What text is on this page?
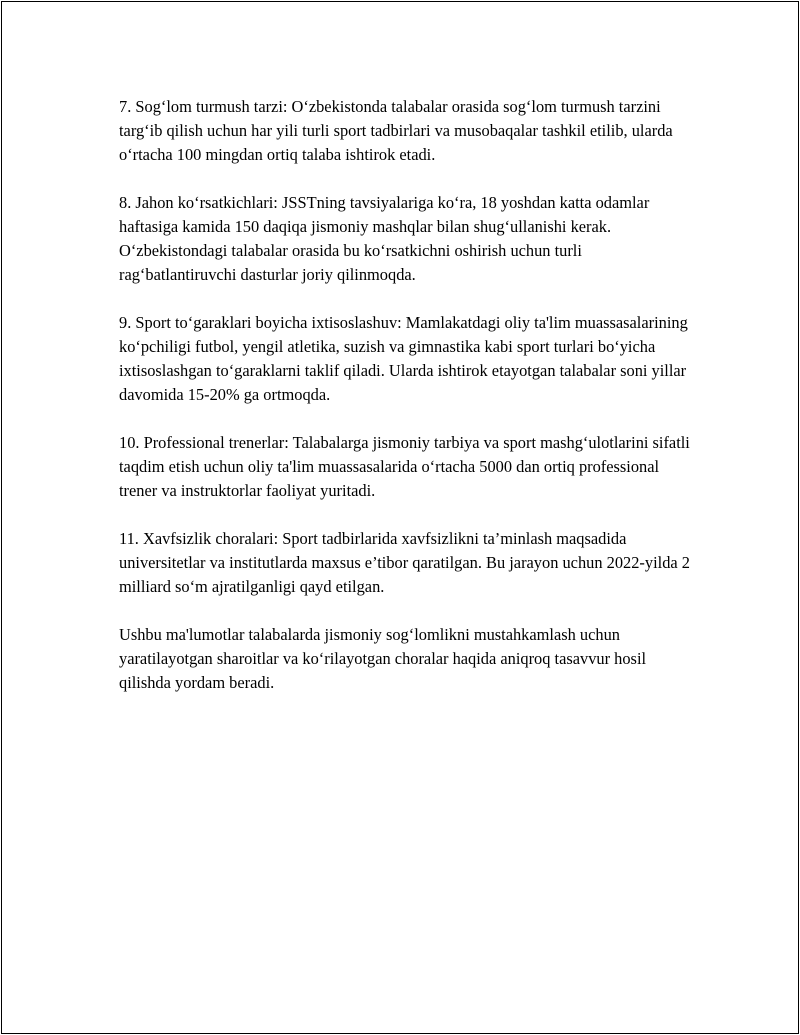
7. Sog‘lom turmush tarzi: O‘zbekistonda talabalar orasida sog‘lom turmush tarzini targ‘ib qilish uchun har yili turli sport tadbirlari va musobaqalar tashkil etilib, ularda o‘rtacha 100 mingdan ortiq talaba ishtirok etadi.

8. Jahon ko‘rsatkichlari: JSSTning tavsiyalariga ko‘ra, 18 yoshdan katta odamlar haftasiga kamida 150 daqiqa jismoniy mashqlar bilan shug‘ullanishi kerak. O‘zbekistondagi talabalar orasida bu ko‘rsatkichni oshirish uchun turli rag‘batlantiruvchi dasturlar joriy qilinmoqda.

9. Sport to‘garaklari boyicha ixtisoslashuv: Mamlakatdagi oliy ta'lim muassasalarining ko‘pchiligi futbol, yengil atletika, suzish va gimnastika kabi sport turlari bo‘yicha ixtisoslashgan to‘garaklarni taklif qiladi. Ularda ishtirok etayotgan talabalar soni yillar davomida 15-20% ga ortmoqda.

10. Professional trenerlar: Talabalarga jismoniy tarbiya va sport mashg‘ulotlarini sifatli taqdim etish uchun oliy ta'lim muassasalarida o‘rtacha 5000 dan ortiq professional trener va instruktorlar faoliyat yuritadi.

11. Xavfsizlik choralari: Sport tadbirlarida xavfsizlikni ta’minlash maqsadida universitetlar va institutlarda maxsus e’tibor qaratilgan. Bu jarayon uchun 2022-yilda 2 milliard so‘m ajratilganligi qayd etilgan.

Ushbu ma'lumotlar talabalarda jismoniy sog‘lomlikni mustahkamlash uchun yaratilayotgan sharoitlar va ko‘rilayotgan choralar haqida aniqroq tasavvur hosil qilishda yordam beradi.
